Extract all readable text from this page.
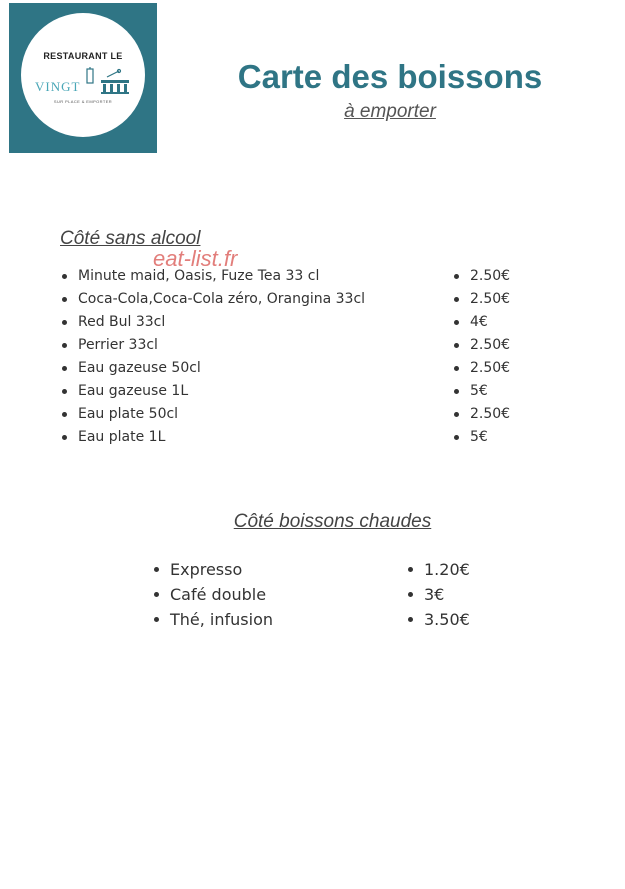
RESTAURANT LE
VINGT
SUR PLACE & EMPORTER
Carte des boissons
à emporter
Côté sans alcool
Minute maid, Oasis, Fuze Tea 33 cl
Coca-Cola,Coca-Cola zéro, Orangina 33cl
Red Bul 33cl
Perrier 33cl
Eau gazeuse 50cl
Eau gazeuse 1L
Eau plate 50cl
Eau plate 1L
2.50€
2.50€
4€
2.50€
2.50€
5€
2.50€
5€
eat-list.fr
Côté boissons chaudes
Expresso
Café double
Thé, infusion
1.20€
3€
3.50€
